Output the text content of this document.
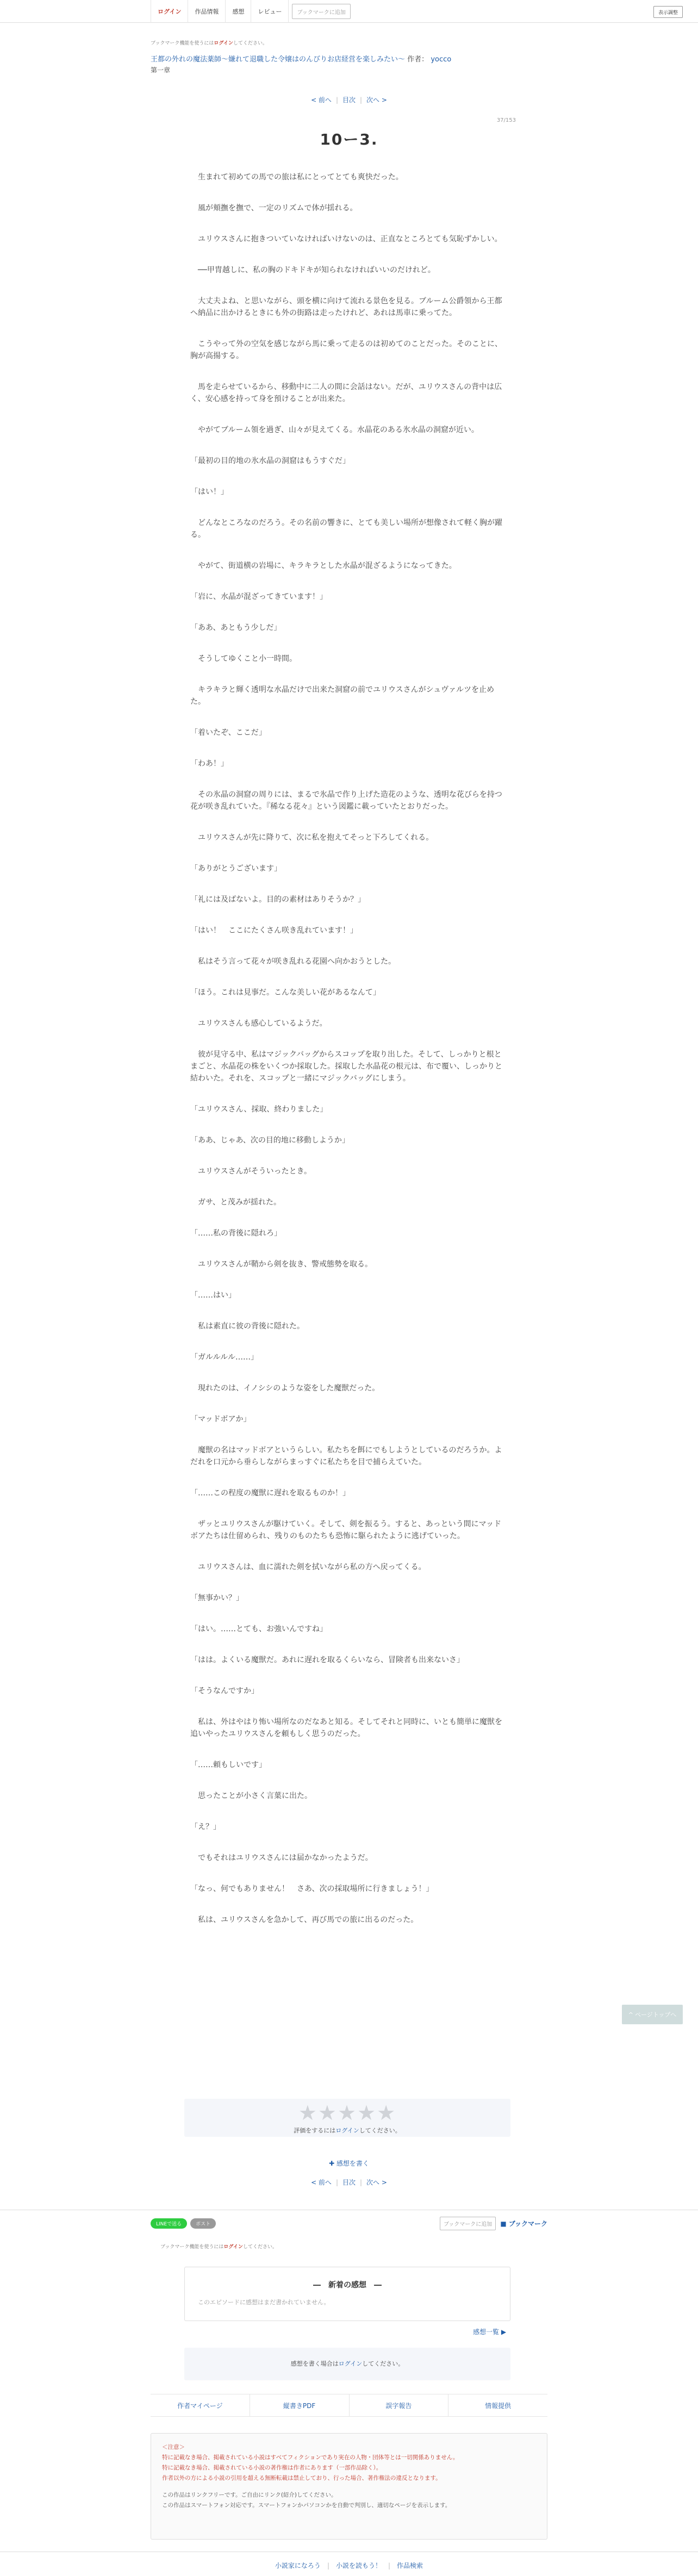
ログイン	作品情報	感想	レビュー	ブックマークに追加	表示調整
ブックマーク機能を使うにはログインしてください。
王都の外れの魔法薬師〜嫌れて退職した令嬢はのんびりお店経営を楽しみたい〜 作者： yocco
第一章
< 前へ | 目次 | 次へ >
37/153
10ー3.

　生まれて初めての馬での旅は私にとってとても爽快だった。

　風が頬撫を撫で、一定のリズムで体が揺れる。

　ユリウスさんに抱きついていなければいけないのは、正直なところとても気恥ずかしい。

　──甲冑越しに、私の胸のドキドキが知られなければいいのだけれど。

　大丈夫よね、と思いながら、頭を横に向けて流れる景色を見る。ブルーム公爵領から王都へ納品に出かけるときにも外の街路は走ったけれど、あれは馬車に乗ってた。

　こうやって外の空気を感じながら馬に乗って走るのは初めてのことだった。そのことに、胸が高揚する。

　馬を走らせているから、移動中に二人の間に会話はない。だが、ユリウスさんの背中は広く、安心感を持って身を預けることが出来た。

　やがてブルーム領を過ぎ、山々が見えてくる。水晶花のある氷水晶の洞窟が近い。

「最初の目的地の氷水晶の洞窟はもうすぐだ」

「はい！」

　どんなところなのだろう。その名前の響きに、とても美しい場所が想像されて軽く胸が躍る。

　やがて、街道横の岩場に、キラキラとした水晶が混ざるようになってきた。

「岩に、水晶が混ざってきています！」

「ああ、あともう少しだ」

　そうしてゆくこと小一時間。

　キラキラと輝く透明な水晶だけで出来た洞窟の前でユリウスさんがシュヴァルツを止めた。

「着いたぞ、ここだ」

「わあ！」

　その氷晶の洞窟の周りには、まるで氷晶で作り上げた造花のような、透明な花びらを持つ花が咲き乱れていた。『稀なる花々』という図鑑に載っていたとおりだった。

　ユリウスさんが先に降りて、次に私を抱えてそっと下ろしてくれる。

「ありがとうございます」

「礼には及ばないよ。目的の素材はありそうか？」

「はい！　ここにたくさん咲き乱れています！」

　私はそう言って花々が咲き乱れる花園へ向かおうとした。

「ほう。これは見事だ。こんな美しい花があるなんて」

　ユリウスさんも感心しているようだ。

　彼が見守る中、私はマジックバッグからスコップを取り出した。そして、しっかりと根とまごと、水晶花の株をいくつか採取した。採取した水晶花の根元は、布で覆い、しっかりと結わいた。それを、スコップと一緒にマジックバッグにしまう。

「ユリウスさん、採取、終わりました」

「ああ、じゃあ、次の目的地に移動しようか」

　ユリウスさんがそういったとき。

　ガサ、と茂みが揺れた。

「……私の背後に隠れろ」

　ユリウスさんが鞘から剣を抜き、警戒態勢を取る。

「……はい」

　私は素直に彼の背後に隠れた。

「ガルルルル……」

　現れたのは、イノシシのような姿をした魔獣だった。

「マッドボアか」

　魔獣の名はマッドボアというらしい。私たちを餌にでもしようとしているのだろうか。よだれを口元から垂らしながらまっすぐに私たちを目で捕らえていた。

「……この程度の魔獣に遅れを取るものか！」

　ザッとユリウスさんが駆けていく。そして、剣を振るう。すると、あっという間にマッドボアたちは仕留められ、残りのものたちも恐怖に駆られたように逃げていった。

　ユリウスさんは、血に濡れた剣を拭いながら私の方へ戻ってくる。

「無事かい？」

「はい。……とても、お強いんですね」

「はは。よくいる魔獣だ。あれに遅れを取るくらいなら、冒険者も出来ないさ」

「そうなんですか」

　私は、外はやはり怖い場所なのだなあと知る。そしてそれと同時に、いとも簡単に魔獣を追いやったユリウスさんを頼もしく思うのだった。

「……頼もしいです」

　思ったことが小さく言葉に出た。

「え？」

　でもそれはユリウスさんには届かなかったようだ。

「なっ、何でもありません！　さあ、次の採取場所に行きましょう！」

　私は、ユリウスさんを急かして、再び馬での旅に出るのだった。

★★★★★
評価をするにはログインしてください。
✚ 感想を書く
< 前へ | 目次 | 次へ >
LINEで送る	ポスト	ブックマークに追加	■ ブックマーク
ブックマーク機能を使うにはログインしてください。
―　新着の感想　―
このエピソードに感想はまだ書かれていません。
感想一覧 ▶
感想を書く場合はログインしてください。
作者マイページ	縦書きPDF	誤字報告	情報提供
＜注意＞
特に記載なき場合、掲載されている小説はすべてフィクションであり実在の人物・団体等とは一切関係ありません。
特に記載なき場合、掲載されている小説の著作権は作者にあります（一部作品除く）。
作者以外の方による小説の引用を超える無断転載は禁止しており、行った場合、著作権法の違反となります。
この作品はリンクフリーです。ご自由にリンク(紹介)してください。
この作品はスマートフォン対応です。スマートフォンかパソコンかを自動で判別し、適切なページを表示します。
小説家になろう | 小説を読もう！ | 作品検索
^ ページトップへ
